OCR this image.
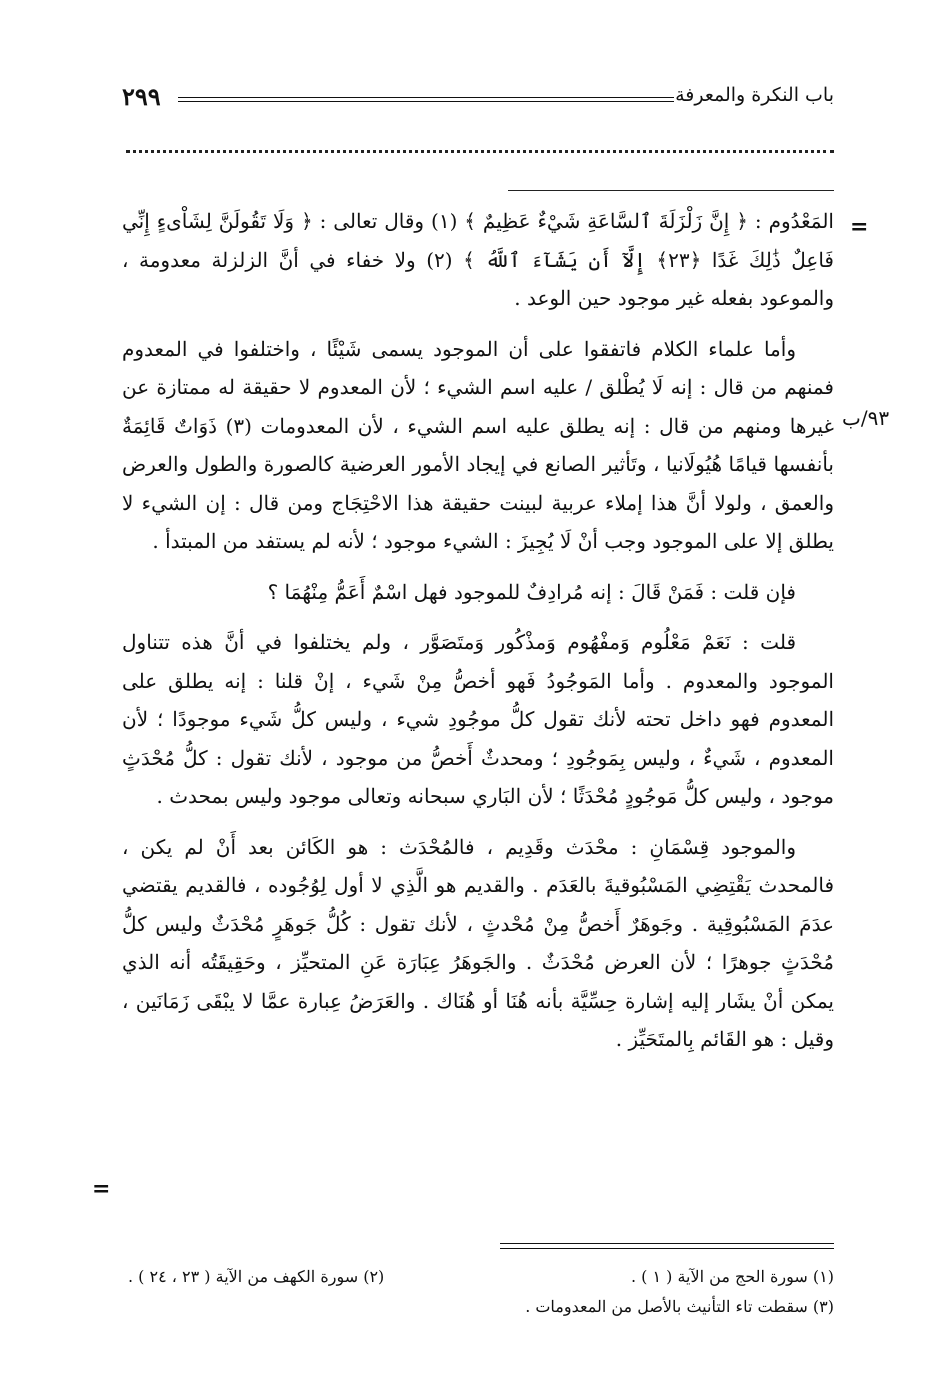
٢٩٩	باب النكرة والمعرفة
=
٩٣/ب
=

المَعْدُوم : ﴿ إِنَّ زَلْزَلَةَ ٱلسَّاعَةِ شَيْءٌ عَظِيمٌ ﴾ (١) وقال تعالى : ﴿ وَلَا تَقُولَنَّ لِشَاْىءٍ إِنِّي فَاعِلٌ ذَٰلِكَ غَدًا ﴿٢٣﴾ إِلَّآ أَن يَشَآءَ ٱللَّهُ ﴾ (٢) ولا خفاء في أنَّ الزلزلة معدومة ، والموعود بفعله غير موجود حين الوعد .

وأما علماء الكلام فاتفقوا على أن الموجود يسمى شَيْئًا ، واختلفوا في المعدوم فمنهم من قال : إنه لَا يُطْلق / عليه اسم الشيء ؛ لأن المعدوم لا حقيقة له ممتازة عن غيرها ومنهم من قال : إنه يطلق عليه اسم الشيء ، لأن المعدومات (٣) ذَوَاتٌ قَائِمَةٌ بأنفسها قيامًا هُيُولَانيا ، وتَأثير الصانع في إيجاد الأمور العرضية كالصورة والطول والعرض والعمق ، ولولا أنَّ هذا إملاء عربية لبينت حقيقة هذا الاحْتِجَاج ومن قال : إن الشيء لا يطلق إلا على الموجود وجب أنْ لَا يُجِيزَ : الشيء موجود ؛ لأنه لم يستفد من المبتدأ .

فإن قلت : فَمَنْ قَالَ : إنه مُرادِفٌ للموجود فهل اسْمٌ أَعَمُّ مِنْهُمَا ؟

قلت : نَعَمْ مَعْلُوم وَمفْهُوم وَمذْكُور وَمتَصَوَّر ، ولم يختلفوا في أنَّ هذه تتناول الموجود والمعدوم . وأما المَوجُودُ فَهو أخصُّ مِنْ شَيء ، إنْ قلنا : إنه يطلق على المعدوم فهو داخل تحته لأنك تقول كلُّ موجُودِ شيء ، وليس كلُّ شَيء موجودًا ؛ لأن المعدوم ، شَيءٌ ، وليس بِمَوجُودِ ؛ ومحدثٌ أَخصُّ من موجود ، لأنك تقول : كلُّ مُحْدَثٍ موجود ، وليس كلُّ مَوجُودٍ مُحْدَثًا ؛ لأن البَاري سبحانه وتعالى موجود وليس بمحدث .

والموجود قِسْمَانِ : محْدَث وقَدِيم ، فالمُحْدَث : هو الكَائن بعد أَنْ لم يكن ، فالمحدث يَقْتِضِي المَسْبُوقيةَ بالعَدَم . والقديم هو الَّذِي لا أول لِوُجُوده ، فالقديم يقتضي عدَمَ المَسْبُوقِية . وجَوهَرٌ أَخصُّ مِنْ مُحْدثٍ ، لأنك تقول : كُلُّ جَوهَرٍ مُحْدَثٌ وليس كلُّ مُحْدَثٍ جوهرًا ؛ لأن العرض مُحْدَثٌ . والجَوهَرُ عِبَارَة عَنِ المتحيِّز ، وحَقِيقَتُه أنه الذي يمكن أنْ يشَار إليه إشارة حِسِّيَّة بأنه هُنَا أو هُنَاك . والعَرَضُ عِبارة عمَّا لا يبْقَى زَمَانَين ، وقيل : هو القَائم بِالمتَحَيِّز .

(١) سورة الحج من الآية ( ١ ) .
(٢) سورة الكهف من الآية ( ٢٣ ، ٢٤ ) .
(٣) سقطت تاء التأنيث بالأصل من المعدومات .
